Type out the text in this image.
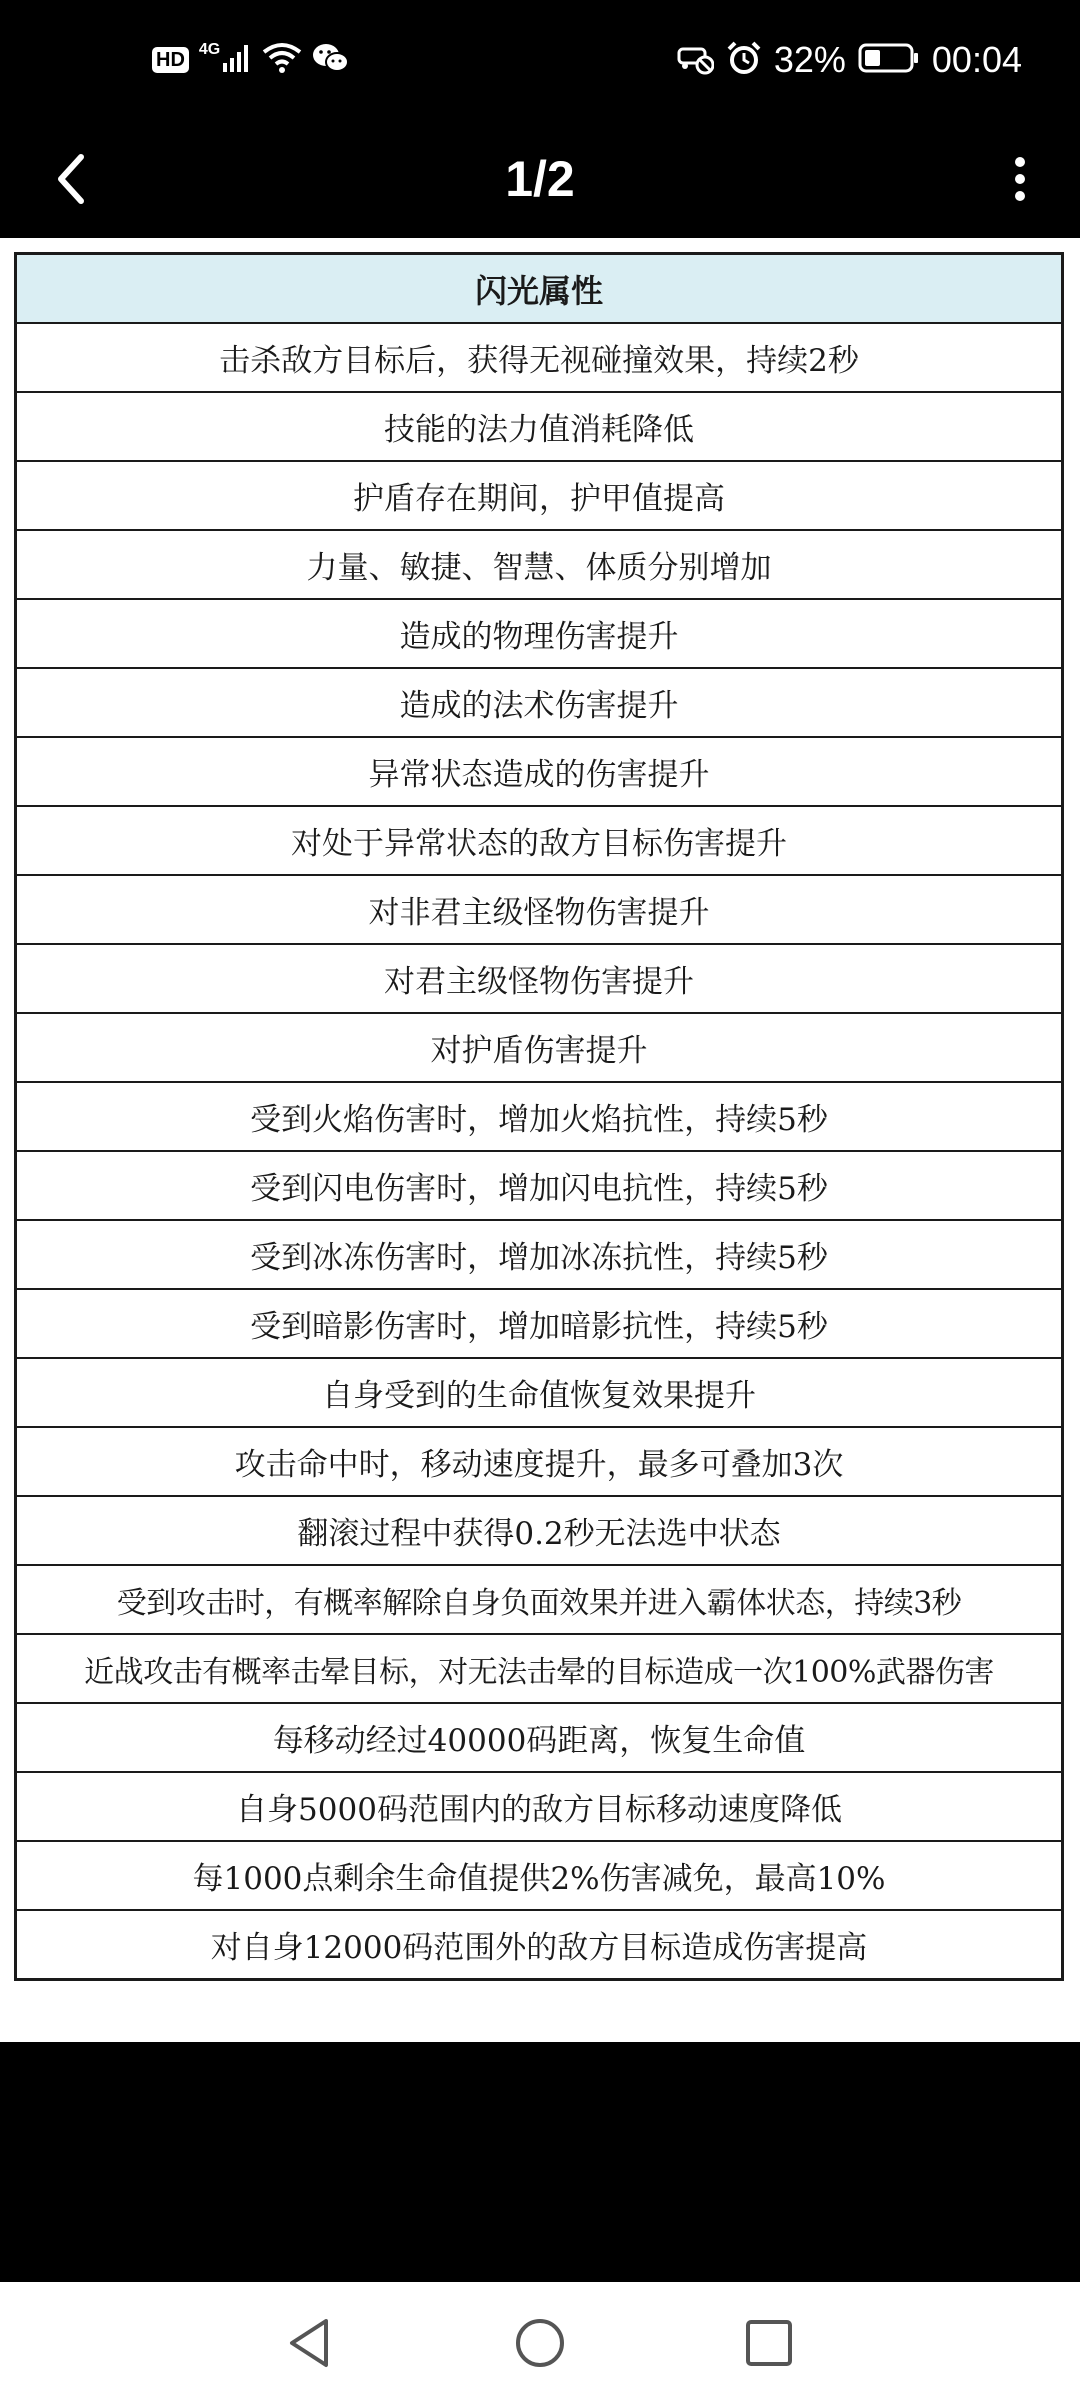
HD 4G	32% 00:04
1/2
闪光属性
击杀敌方目标后，获得无视碰撞效果，持续2秒
技能的法力值消耗降低
护盾存在期间，护甲值提高
力量、敏捷、智慧、体质分别增加
造成的物理伤害提升
造成的法术伤害提升
异常状态造成的伤害提升
对处于异常状态的敌方目标伤害提升
对非君主级怪物伤害提升
对君主级怪物伤害提升
对护盾伤害提升
受到火焰伤害时，增加火焰抗性，持续5秒
受到闪电伤害时，增加闪电抗性，持续5秒
受到冰冻伤害时，增加冰冻抗性，持续5秒
受到暗影伤害时，增加暗影抗性，持续5秒
自身受到的生命值恢复效果提升
攻击命中时，移动速度提升，最多可叠加3次
翻滚过程中获得0.2秒无法选中状态
受到攻击时，有概率解除自身负面效果并进入霸体状态，持续3秒
近战攻击有概率击晕目标，对无法击晕的目标造成一次100%武器伤害
每移动经过40000码距离，恢复生命值
自身5000码范围内的敌方目标移动速度降低
每1000点剩余生命值提供2%伤害减免，最高10%
对自身12000码范围外的敌方目标造成伤害提高
